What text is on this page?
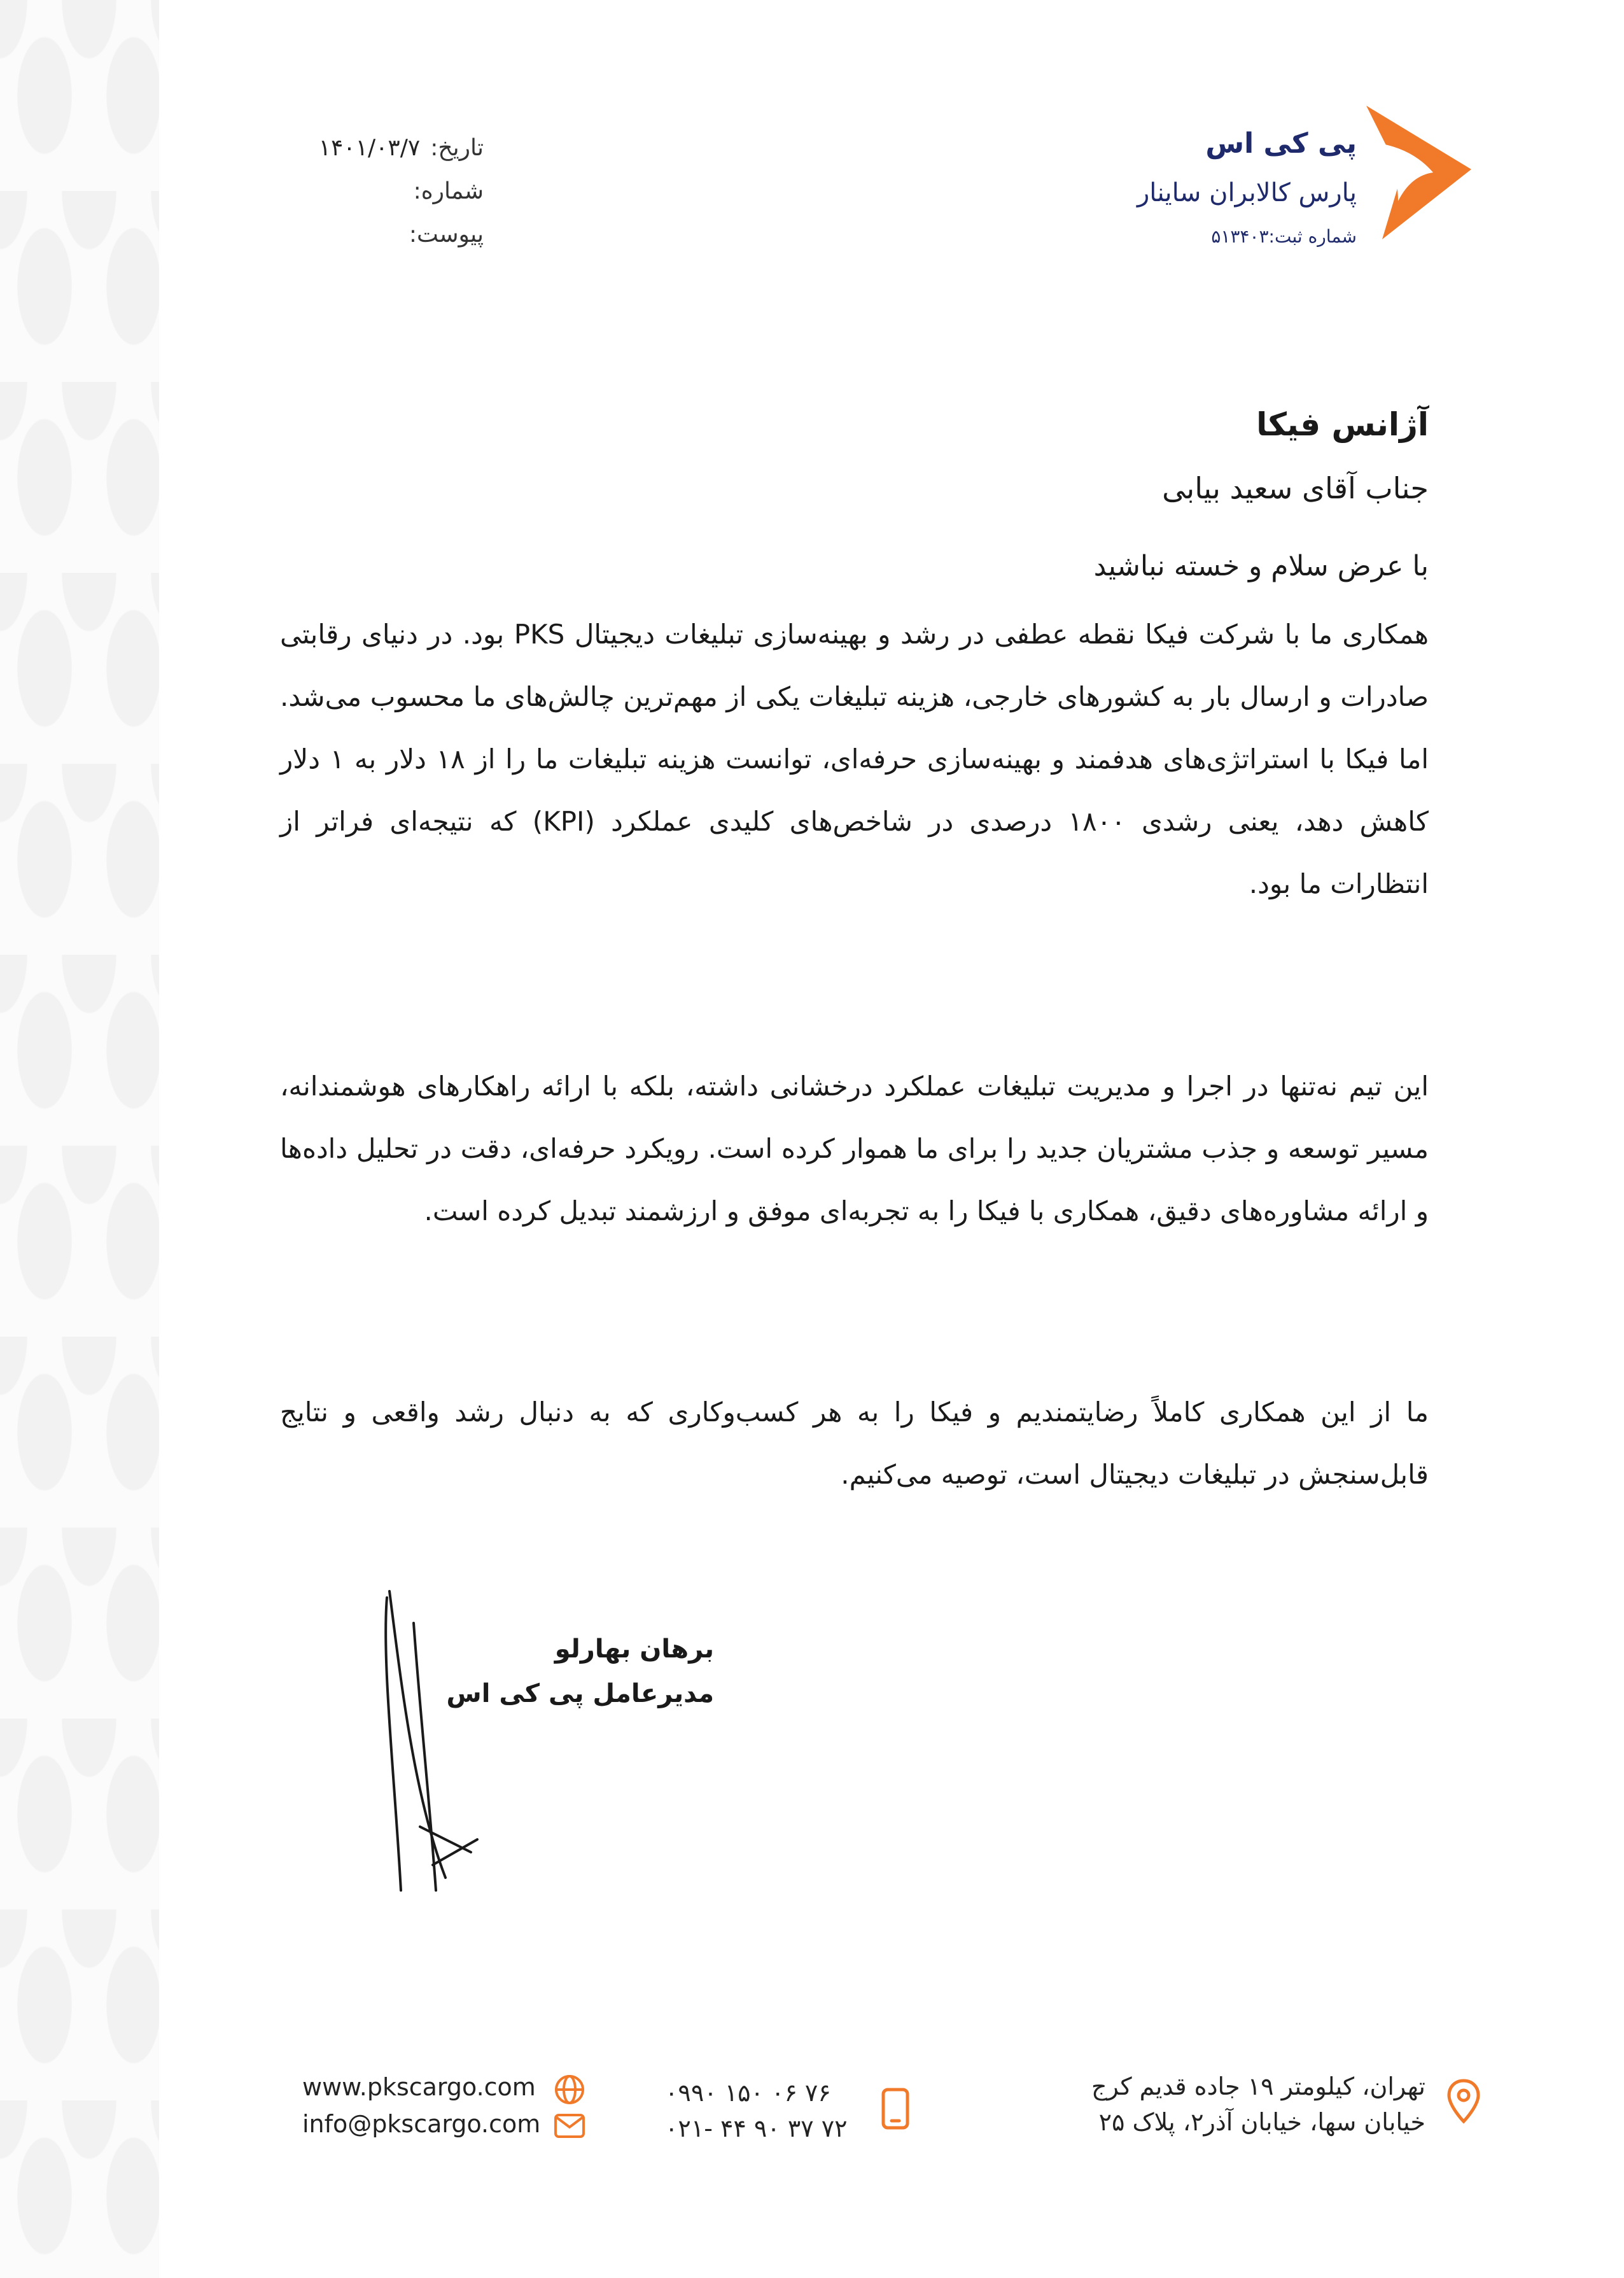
پی کی اس
پارس کالابران ساینار
شماره ثبت:۵۱۳۴۰۳
تاریخ:
۱۴۰۱/۰۳/۷
شماره:
پیوست:
آژانس فیکا
جناب آقای سعید بیابی
با عرض سلام و خسته نباشید

همکاری ما با شرکت فیکا نقطه عطفی در رشد و بهینه‌سازی تبلیغات دیجیتال PKS بود. در دنیای رقابتی صادرات و ارسال بار به کشورهای خارجی، هزینه تبلیغات یکی از مهم‌ترین چالش‌های ما محسوب می‌شد. اما فیکا با استراتژی‌های هدفمند و بهینه‌سازی حرفه‌ای، توانست هزینه تبلیغات ما را از ۱۸ دلار به ۱ دلار کاهش دهد، یعنی رشدی ۱۸۰۰ درصدی در شاخص‌های کلیدی عملکرد (KPI) که نتیجه‌ای فراتر از انتظارات ما بود.

این تیم نه‌تنها در اجرا و مدیریت تبلیغات عملکرد درخشانی داشته، بلکه با ارائه راهکارهای هوشمندانه، مسیر توسعه و جذب مشتریان جدید را برای ما هموار کرده است. رویکرد حرفه‌ای، دقت در تحلیل داده‌ها و ارائه مشاوره‌های دقیق، همکاری با فیکا را به تجربه‌ای موفق و ارزشمند تبدیل کرده است.

ما از این همکاری کاملاً رضایتمندیم و فیکا را به هر کسب‌وکاری که به دنبال رشد واقعی و نتایج قابل‌سنجش در تبلیغات دیجیتال است، توصیه می‌کنیم.

برهان بهارلو
مدیرعامل پی کی اس
تهران، کیلومتر ۱۹ جاده قدیم کرج
خیابان سها، خیابان آذر۲، پلاک ۲۵
۰۹۹۰ ۱۵۰ ۰۶ ۷۶
۰۲۱- ۴۴ ۹۰ ۳۷ ۷۲
www.pkscargo.com
info@pkscargo.com
